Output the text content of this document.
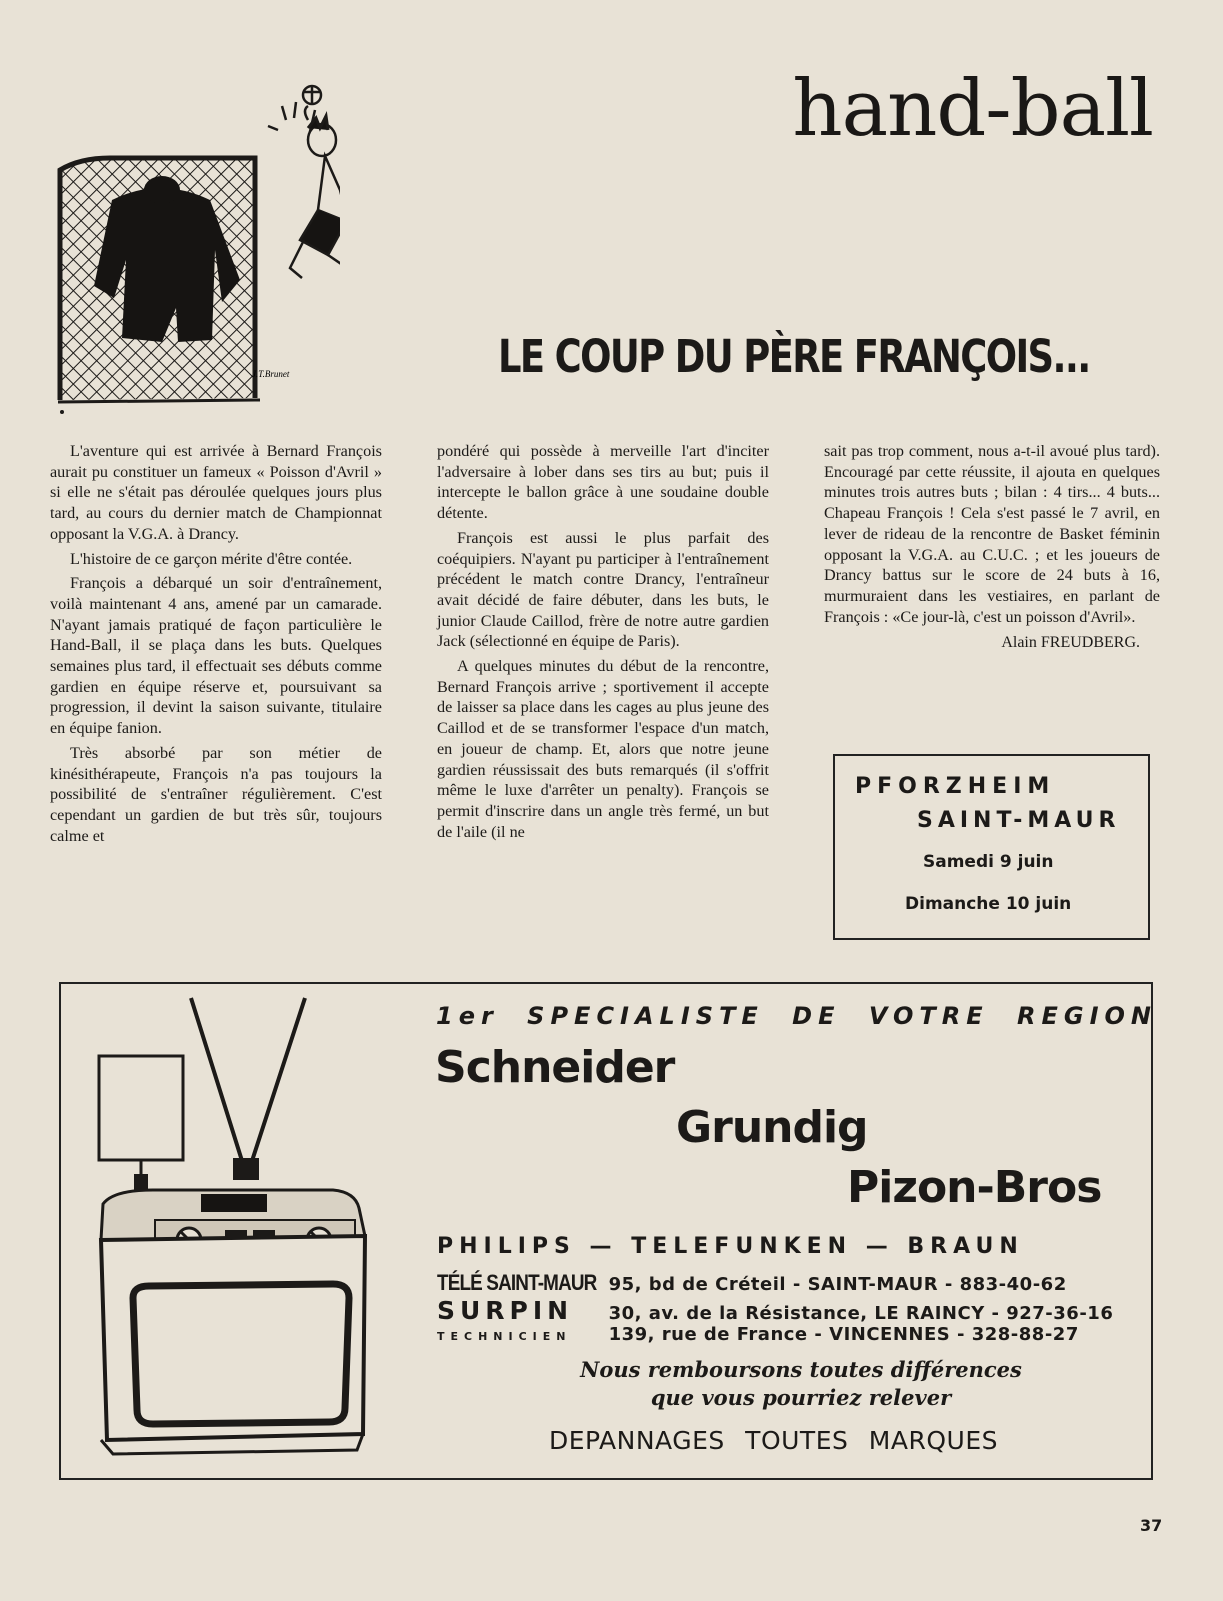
J.T.Brunet
hand-ball
LE COUP DU PÈRE FRANÇOIS...

L'aventure qui est arrivée à Bernard François aurait pu constituer un fameux « Poisson d'Avril » si elle ne s'était pas déroulée quelques jours plus tard, au cours du dernier match de Championnat opposant la V.G.A. à Drancy.

L'histoire de ce garçon mérite d'être contée.

François a débarqué un soir d'entraînement, voilà maintenant 4 ans, amené par un camarade. N'ayant jamais pratiqué de façon particulière le Hand-Ball, il se plaça dans les buts. Quelques semaines plus tard, il effectuait ses débuts comme gardien en équipe réserve et, poursuivant sa progression, il devint la saison suivante, titulaire en équipe fanion.

Très absorbé par son métier de kinésithérapeute, François n'a pas toujours la possibilité de s'entraîner régulièrement. C'est cependant un gardien de but très sûr, toujours calme et

pondéré qui possède à merveille l'art d'inciter l'adversaire à lober dans ses tirs au but; puis il intercepte le ballon grâce à une soudaine double détente.

François est aussi le plus parfait des coéquipiers. N'ayant pu participer à l'entraînement précédent le match contre Drancy, l'entraîneur avait décidé de faire débuter, dans les buts, le junior Claude Caillod, frère de notre autre gardien Jack (sélectionné en équipe de Paris).

A quelques minutes du début de la rencontre, Bernard François arrive ; sportivement il accepte de laisser sa place dans les cages au plus jeune des Caillod et de se transformer l'espace d'un match, en joueur de champ. Et, alors que notre jeune gardien réussissait des buts remarqués (il s'offrit même le luxe d'arrêter un penalty). François se permit d'inscrire dans un angle très fermé, un but de l'aile (il ne

sait pas trop comment, nous a-t-il avoué plus tard). Encouragé par cette réussite, il ajouta en quelques minutes trois autres buts ; bilan : 4 tirs... 4 buts... Chapeau François ! Cela s'est passé le 7 avril, en lever de rideau de la rencontre de Basket féminin opposant la V.G.A. au C.U.C. ; et les joueurs de Drancy battus sur le score de 24 buts à 16, murmuraient dans les vestiaires, en parlant de François : «Ce jour-là, c'est un poisson d'Avril».

Alain FREUDBERG.
PFORZHEIM
SAINT-MAUR
Samedi 9 juin
Dimanche 10 juin
1er SPECIALISTE DE VOTRE REGION
Schneider
Grundig
Pizon-Bros
PHILIPS — TELEFUNKEN — BRAUN
TÉLÉ SAINT-MAUR 95, bd de Créteil - SAINT-MAUR - 883-40-62
SURPIN 30, av. de la Résistance, LE RAINCY - 927-36-16
TECHNICIEN 139, rue de France - VINCENNES - 328-88-27
Nous remboursons toutes différences
que vous pourriez relever
DEPANNAGES TOUTES MARQUES
37
